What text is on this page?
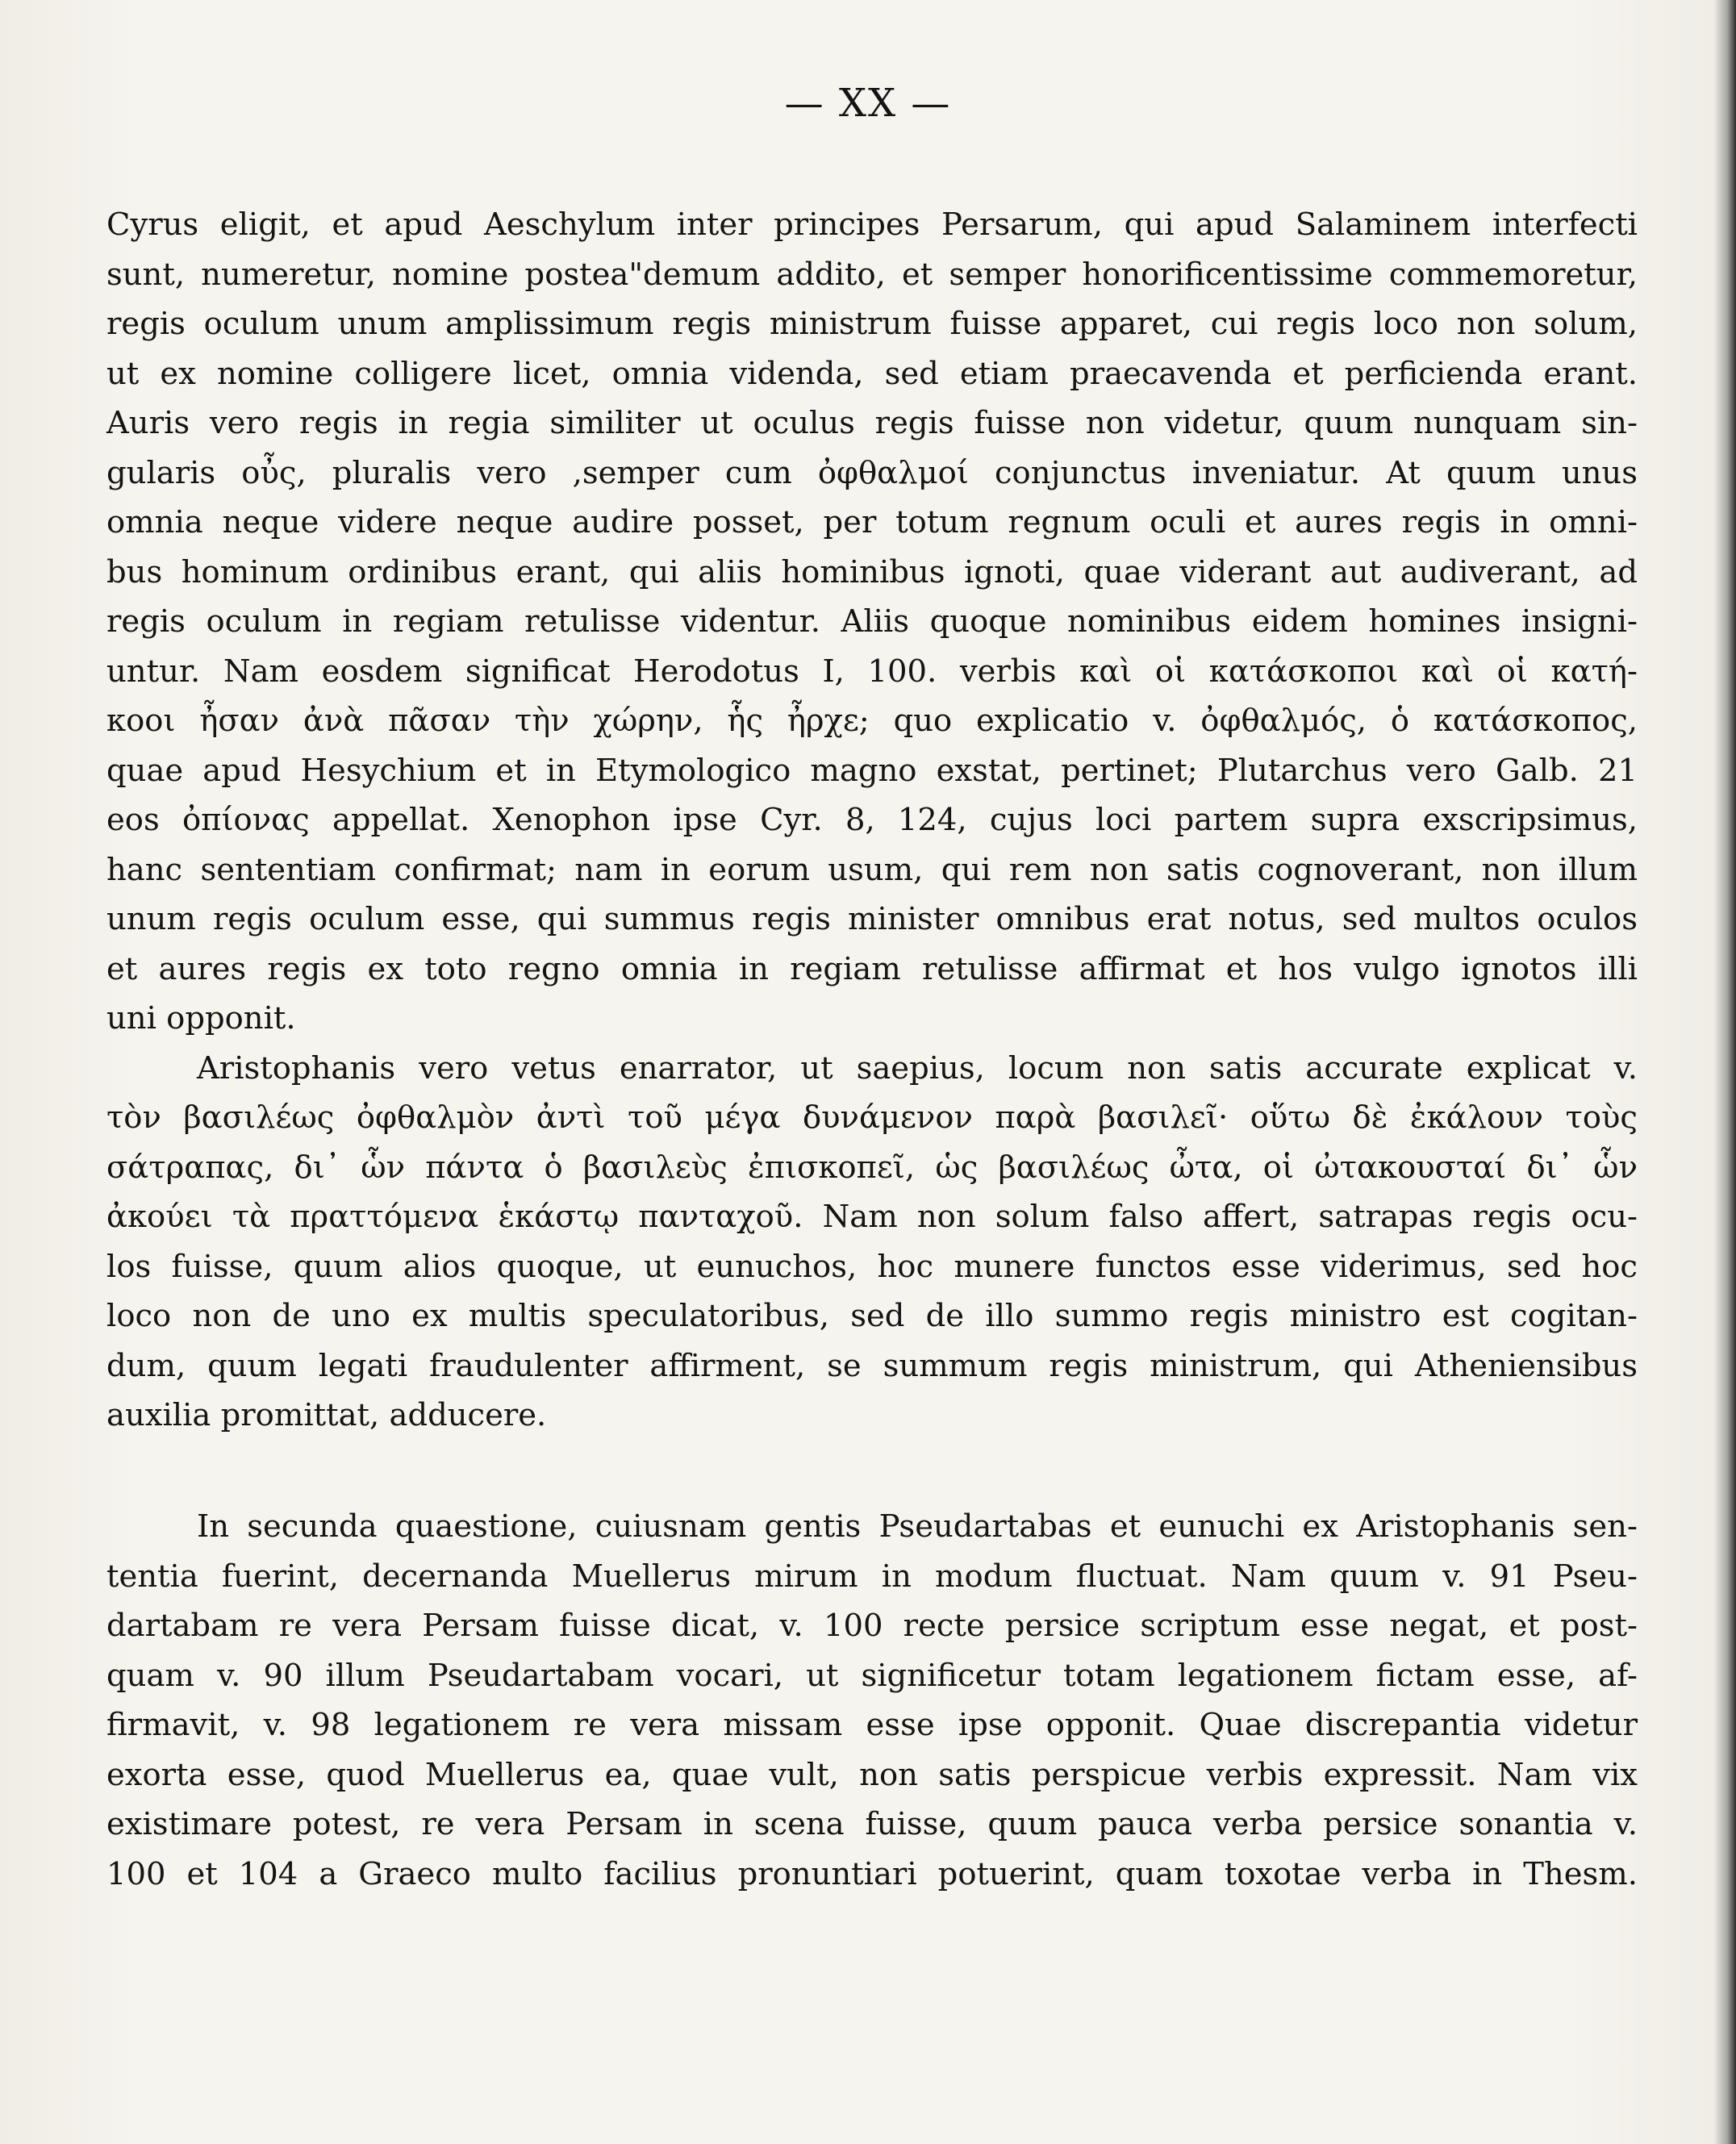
— XX —
Cyrus eligit, et apud Aeschylum inter principes Persarum, qui apud Salaminem interfecti
sunt, numeretur, nomine postea"demum addito, et semper honorificentissime commemoretur,
regis oculum unum amplissimum regis ministrum fuisse apparet, cui regis loco non solum,
ut ex nomine colligere licet, omnia videnda, sed etiam praecavenda et perficienda erant.
Auris vero regis in regia similiter ut oculus regis fuisse non videtur, quum nunquam sin-
gularis οὖς, pluralis vero ,semper cum ὀφθαλμοί conjunctus inveniatur. At quum unus
omnia neque videre neque audire posset, per totum regnum oculi et aures regis in omni-
bus hominum ordinibus erant, qui aliis hominibus ignoti, quae viderant aut audiverant, ad
regis oculum in regiam retulisse videntur. Aliis quoque nominibus eidem homines insigni-
untur. Nam eosdem significat Herodotus I, 100. verbis καὶ οἱ κατάσκοποι καὶ οἱ κατή-
κοοι ἦσαν ἀνὰ πᾶσαν τὴν χώρην, ἧς ἦρχε; quo explicatio v. ὀφθαλμός, ὁ κατάσκοπος,
quae apud Hesychium et in Etymologico magno exstat, pertinet; Plutarchus vero Galb. 21
eos ὀπίονας appellat. Xenophon ipse Cyr. 8, 124, cujus loci partem supra exscripsimus,
hanc sententiam confirmat; nam in eorum usum, qui rem non satis cognoverant, non illum
unum regis oculum esse, qui summus regis minister omnibus erat notus, sed multos oculos
et aures regis ex toto regno omnia in regiam retulisse affirmat et hos vulgo ignotos illi
uni opponit.
Aristophanis vero vetus enarrator, ut saepius, locum non satis accurate explicat v.
τὸν βασιλέως ὀφθαλμὸν ἀντὶ τοῦ μέγα δυνάμενον παρὰ βασιλεῖ· οὕτω δὲ ἐκάλουν τοὺς
σάτραπας, δι᾽ ὧν πάντα ὁ βασιλεὺς ἐπισκοπεῖ, ὡς βασιλέως ὦτα, οἱ ὠτακουσταί δι᾽ ὧν
ἀκούει τὰ πραττόμενα ἑκάστῳ πανταχοῦ. Nam non solum falso affert, satrapas regis ocu-
los fuisse, quum alios quoque, ut eunuchos, hoc munere functos esse viderimus, sed hoc
loco non de uno ex multis speculatoribus, sed de illo summo regis ministro est cogitan-
dum, quum legati fraudulenter affirment, se summum regis ministrum, qui Atheniensibus
auxilia promittat, adducere.
In secunda quaestione, cuiusnam gentis Pseudartabas et eunuchi ex Aristophanis sen-
tentia fuerint, decernanda Muellerus mirum in modum fluctuat. Nam quum v. 91 Pseu-
dartabam re vera Persam fuisse dicat, v. 100 recte persice scriptum esse negat, et post-
quam v. 90 illum Pseudartabam vocari, ut significetur totam legationem fictam esse, af-
firmavit, v. 98 legationem re vera missam esse ipse opponit. Quae discrepantia videtur
exorta esse, quod Muellerus ea, quae vult, non satis perspicue verbis expressit. Nam vix
existimare potest, re vera Persam in scena fuisse, quum pauca verba persice sonantia v.
100 et 104 a Graeco multo facilius pronuntiari potuerint, quam toxotae verba in Thesm.
